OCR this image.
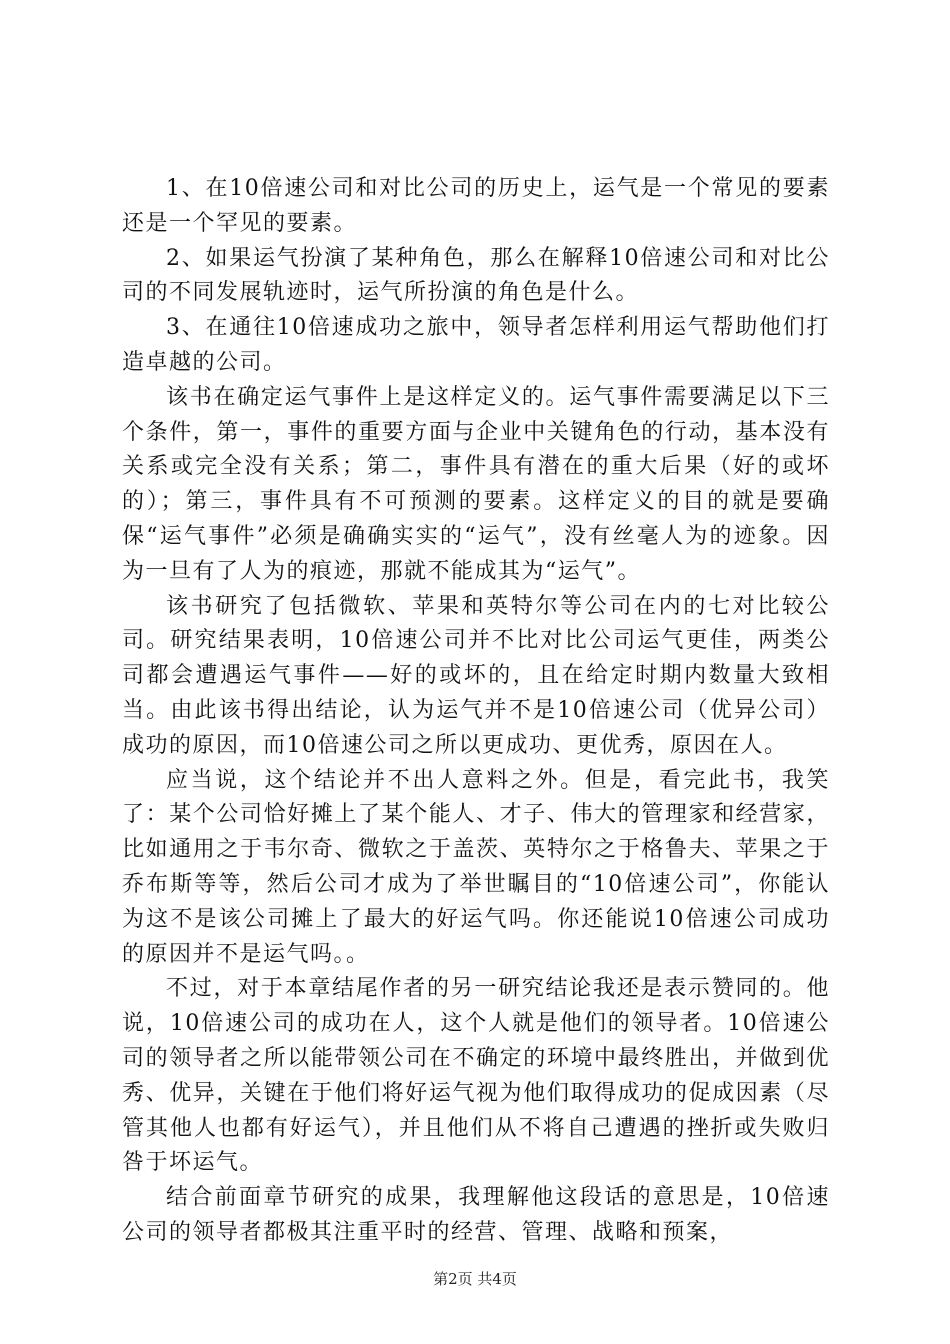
1、在10倍速公司和对比公司的历史上，运气是一个常见的要素还是一个罕见的要素。

2、如果运气扮演了某种角色，那么在解释10倍速公司和对比公司的不同发展轨迹时，运气所扮演的角色是什么。

3、在通往10倍速成功之旅中，领导者怎样利用运气帮助他们打造卓越的公司。

该书在确定运气事件上是这样定义的。运气事件需要满足以下三个条件，第一，事件的重要方面与企业中关键角色的行动，基本没有关系或完全没有关系；第二，事件具有潜在的重大后果（好的或坏的）；第三，事件具有不可预测的要素。这样定义的目的就是要确保“运气事件”必须是确确实实的“运气”，没有丝毫人为的迹象。因为一旦有了人为的痕迹，那就不能成其为“运气”。

该书研究了包括微软、苹果和英特尔等公司在内的七对比较公司。研究结果表明，10倍速公司并不比对比公司运气更佳，两类公司都会遭遇运气事件——好的或坏的，且在给定时期内数量大致相当。由此该书得出结论，认为运气并不是10倍速公司（优异公司）成功的原因，而10倍速公司之所以更成功、更优秀，原因在人。

应当说，这个结论并不出人意料之外。但是，看完此书，我笑了：某个公司恰好摊上了某个能人、才子、伟大的管理家和经营家，比如通用之于韦尔奇、微软之于盖茨、英特尔之于格鲁夫、苹果之于乔布斯等等，然后公司才成为了举世瞩目的“10倍速公司”，你能认为这不是该公司摊上了最大的好运气吗。你还能说10倍速公司成功的原因并不是运气吗。。

不过，对于本章结尾作者的另一研究结论我还是表示赞同的。他说，10倍速公司的成功在人，这个人就是他们的领导者。10倍速公司的领导者之所以能带领公司在不确定的环境中最终胜出，并做到优秀、优异，关键在于他们将好运气视为他们取得成功的促成因素（尽管其他人也都有好运气），并且他们从不将自己遭遇的挫折或失败归咎于坏运气。

结合前面章节研究的成果，我理解他这段话的意思是，10倍速公司的领导者都极其注重平时的经营、管理、战略和预案，

第2页 共4页
